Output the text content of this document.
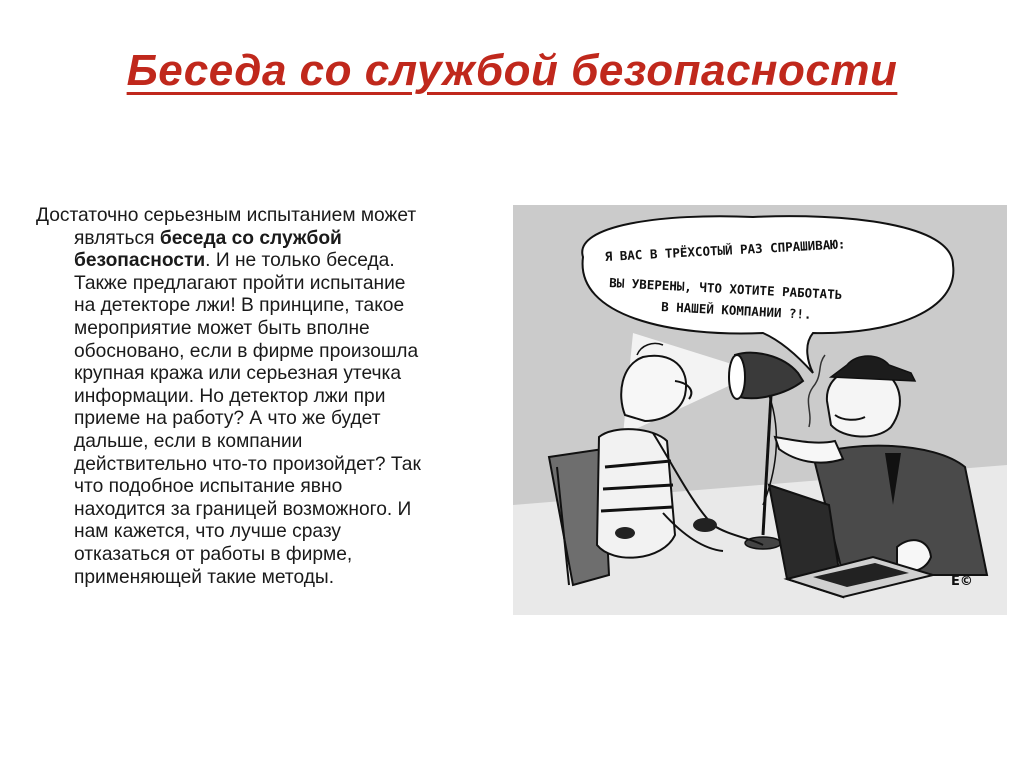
Беседа со службой безопасности
Достаточно серьезным испытанием может
являться беседа со службой
безопасности. И не только беседа.
Также предлагают пройти испытание
на детекторе лжи! В принципе, такое
мероприятие может быть вполне
обосновано, если в фирме произошла
крупная кража или серьезная утечка
информации. Но детектор лжи при
приеме на работу? А что же будет
дальше, если в компании
действительно что-то произойдет? Так
что подобное испытание явно
находится за границей возможного. И
нам кажется, что лучше сразу
отказаться от работы в фирме,
применяющей такие методы.
Я ВАС В ТРЁХСОТЫЙ РАЗ СПРАШИВАЮ:
ВЫ УВЕРЕНЫ, ЧТО ХОТИТЕ РАБОТАТЬ
В НАШЕЙ КОМПАНИИ ?!.
Е©
